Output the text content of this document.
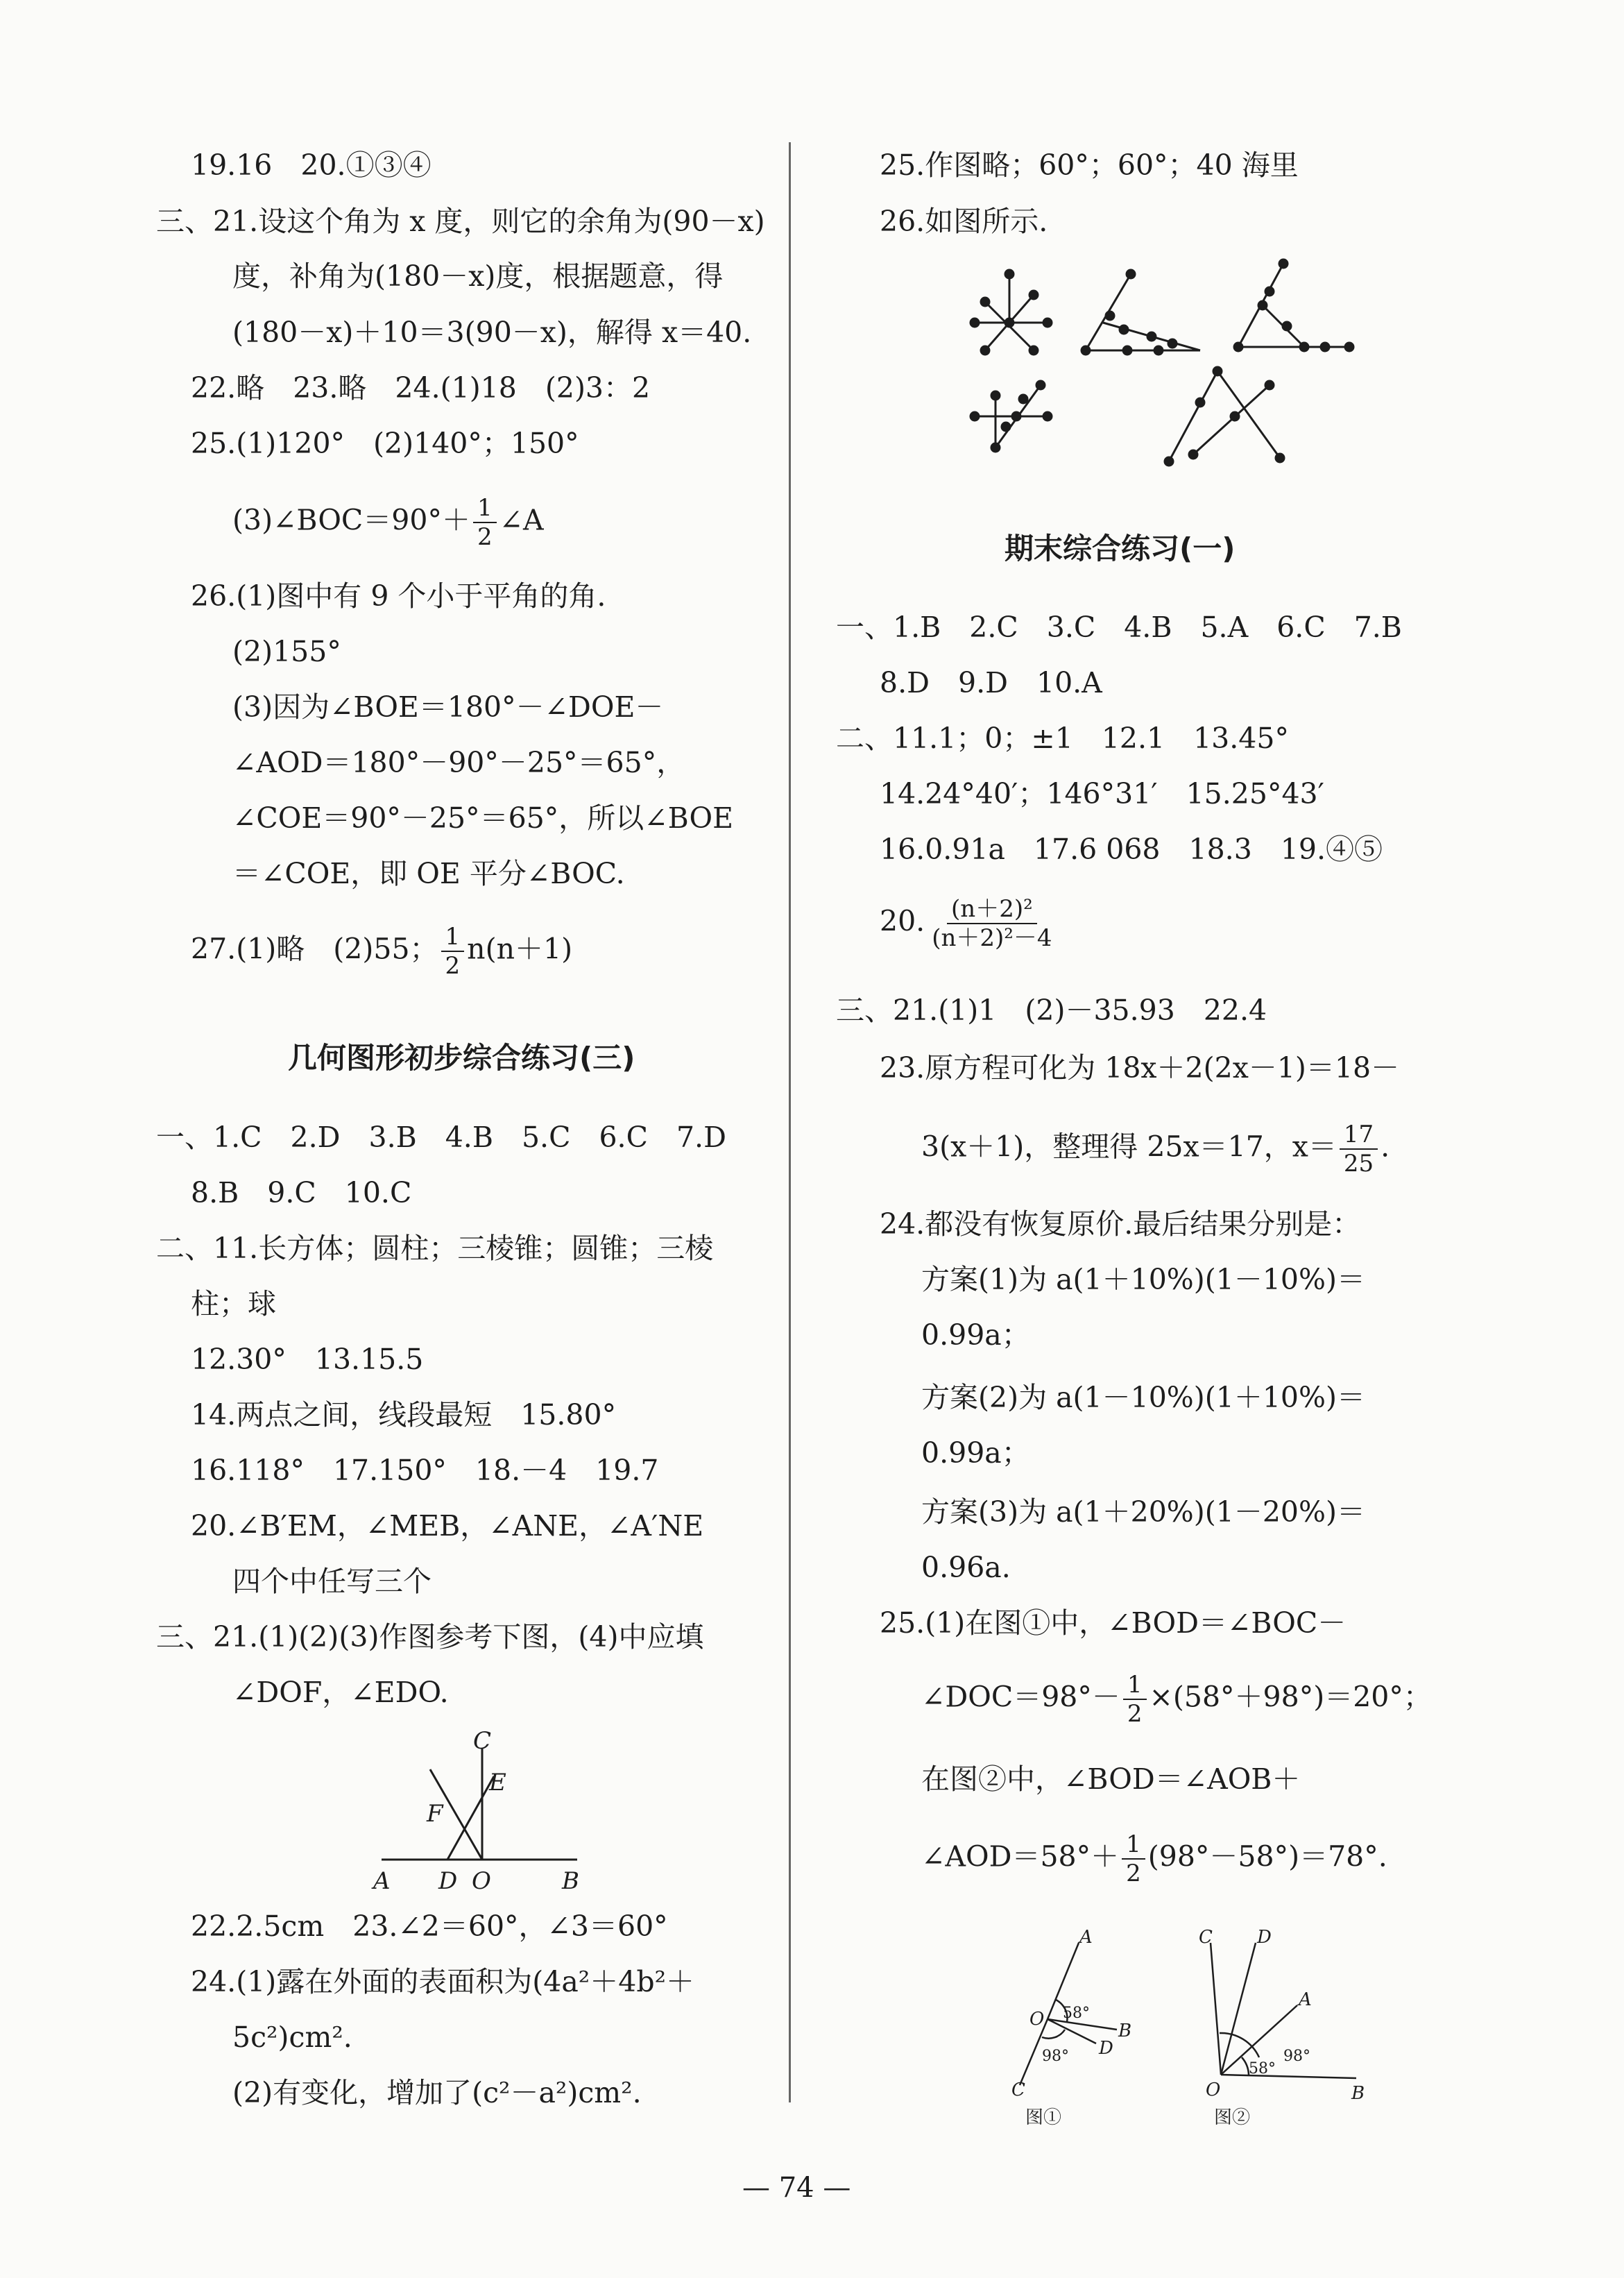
19.16　20.①③④
三、21.设这个角为 x 度，则它的余角为(90－x)
度，补角为(180－x)度，根据题意，得
(180－x)＋10＝3(90－x)，解得 x＝40.
22.略　23.略　24.(1)18　(2)3：2
25.(1)120°　(2)140°；150°
(3)∠BOC＝90°＋ $\frac{1}{2}$ ∠A
26.(1)图中有 9 个小于平角的角.
(2)155°
(3)因为∠BOE＝180°－∠DOE－
∠AOD＝180°－90°－25°＝65°，
∠COE＝90°－25°＝65°，所以∠BOE
＝∠COE，即 OE 平分∠BOC.
27.(1)略　(2)55； $\frac{1}{2} n(n+1)$
几何图形初步综合练习(三)
一、1.C　2.D　3.B　4.B　5.C　6.C　7.D
8.B　9.C　10.C
二、11.长方体；圆柱；三棱锥；圆锥；三棱
柱；球
12.30°　13.15.5
14.两点之间，线段最短　15.80°
16.118°　17.150°　18.－4　19.7
20.∠B′EM，∠MEB，∠ANE，∠A′NE
四个中任写三个
三、21.(1)(2)(3)作图参考下图，(4)中应填
∠DOF，∠EDO.
A D O	B
C
E
F
22.2.5cm　23.∠2＝60°，∠3＝60°
24.(1)露在外面的表面积为(4a²＋4b²＋
5c²)cm².
(2)有变化，增加了(c²－a²)cm².
25.作图略；60°；60°；40 海里
26.如图所示.
期末综合练习(一)
一、1.B　2.C　3.C　4.B　5.A　6.C　7.B
8.D　9.D　10.A
二、11.1；0；±1　12.1　13.45°
14.24°40′；146°31′　15.25°43′
16.0.91a　17.6 068　18.3　19.④⑤
20. $\frac{\text{(n＋2)²}}{\text{(n＋2)²－4}}$
三、21.(1)1　(2)－35.93　22.4
23.原方程可化为 18x＋2(2x－1)＝18－
3(x＋1)，整理得 25x＝17，$x= \frac{17}{25}$ .
24.都没有恢复原价.最后结果分别是：
方案(1)为 a(1＋10%)(1－10%)＝
0.99a；
方案(2)为 a(1－10%)(1＋10%)＝
0.99a；
方案(3)为 a(1＋20%)(1－20%)＝
0.96a.
25.(1)在图①中，∠BOD＝∠BOC－
∠DOC＝98°－ $\frac{1}{2} \times(58^\circ+98^\circ)=20^\circ$；
在图②中，∠BOD＝∠AOB＋
∠AOD＝58°＋ $\frac{1}{2} (98^\circ-58^\circ)=78^\circ$.
A
O
B
D
C
58°
98°
图①
C D
A
O	B
58°
98°
图②
— 74 —
